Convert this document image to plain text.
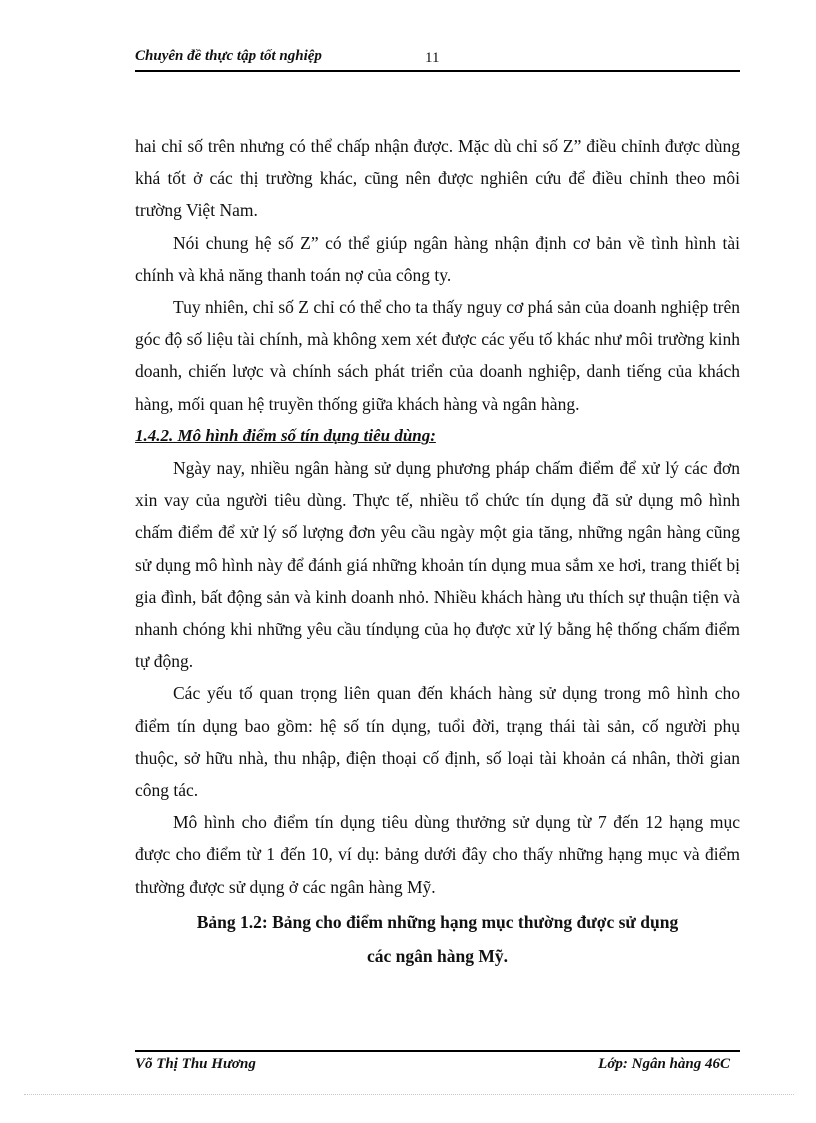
Chuyên đề thực tập tốt nghiệp	11

hai chỉ số trên nhưng có thể chấp nhận được. Mặc dù chỉ số Z” điều chỉnh được dùng khá tốt ở các thị trường khác, cũng nên được nghiên cứu để điều chỉnh theo môi trường Việt Nam.

Nói chung hệ số Z” có thể giúp ngân hàng nhận định cơ bản về tình hình tài chính và khả năng thanh toán nợ của công ty.

Tuy nhiên, chỉ số Z chỉ có thể cho ta thấy nguy cơ phá sản của doanh nghiệp trên góc độ số liệu tài chính, mà không xem xét được các yếu tố khác như môi trường kinh doanh, chiến lược và chính sách phát triển của doanh nghiệp, danh tiếng của khách hàng, mối quan hệ truyền thống giữa khách hàng và ngân hàng.

1.4.2. Mô hình điểm số tín dụng tiêu dùng:

Ngày nay, nhiều ngân hàng sử dụng phương pháp chấm điểm để xử lý các đơn xin vay của người tiêu dùng. Thực tế, nhiều tổ chức tín dụng đã sử dụng mô hình chấm điểm để xử lý số lượng đơn yêu cầu ngày một gia tăng, những ngân hàng cũng sử dụng mô hình này để đánh giá những khoản tín dụng mua sắm xe hơi, trang thiết bị gia đình, bất động sản và kinh doanh nhỏ. Nhiều khách hàng ưu thích sự thuận tiện và nhanh chóng khi những yêu cầu tíndụng của họ được xử lý bằng hệ thống chấm điểm tự động.

Các yếu tố quan trọng liên quan đến khách hàng sử dụng trong mô hình cho điểm tín dụng bao gồm: hệ số tín dụng, tuổi đời, trạng thái tài sản, cố người phụ thuộc, sở hữu nhà, thu nhập, điện thoại cố định, số loại tài khoản cá nhân, thời gian công tác.

Mô hình cho điểm tín dụng tiêu dùng thưởng sử dụng từ 7 đến 12 hạng mục được cho điểm từ 1 đến 10, ví dụ: bảng dưới đây cho thấy những hạng mục và điểm thường được sử dụng ở các ngân hàng Mỹ.

Bảng 1.2: Bảng cho điểm những hạng mục thường được sử dụng
các ngân hàng Mỹ.
Võ Thị Thu Hương	Lớp: Ngân hàng 46C
